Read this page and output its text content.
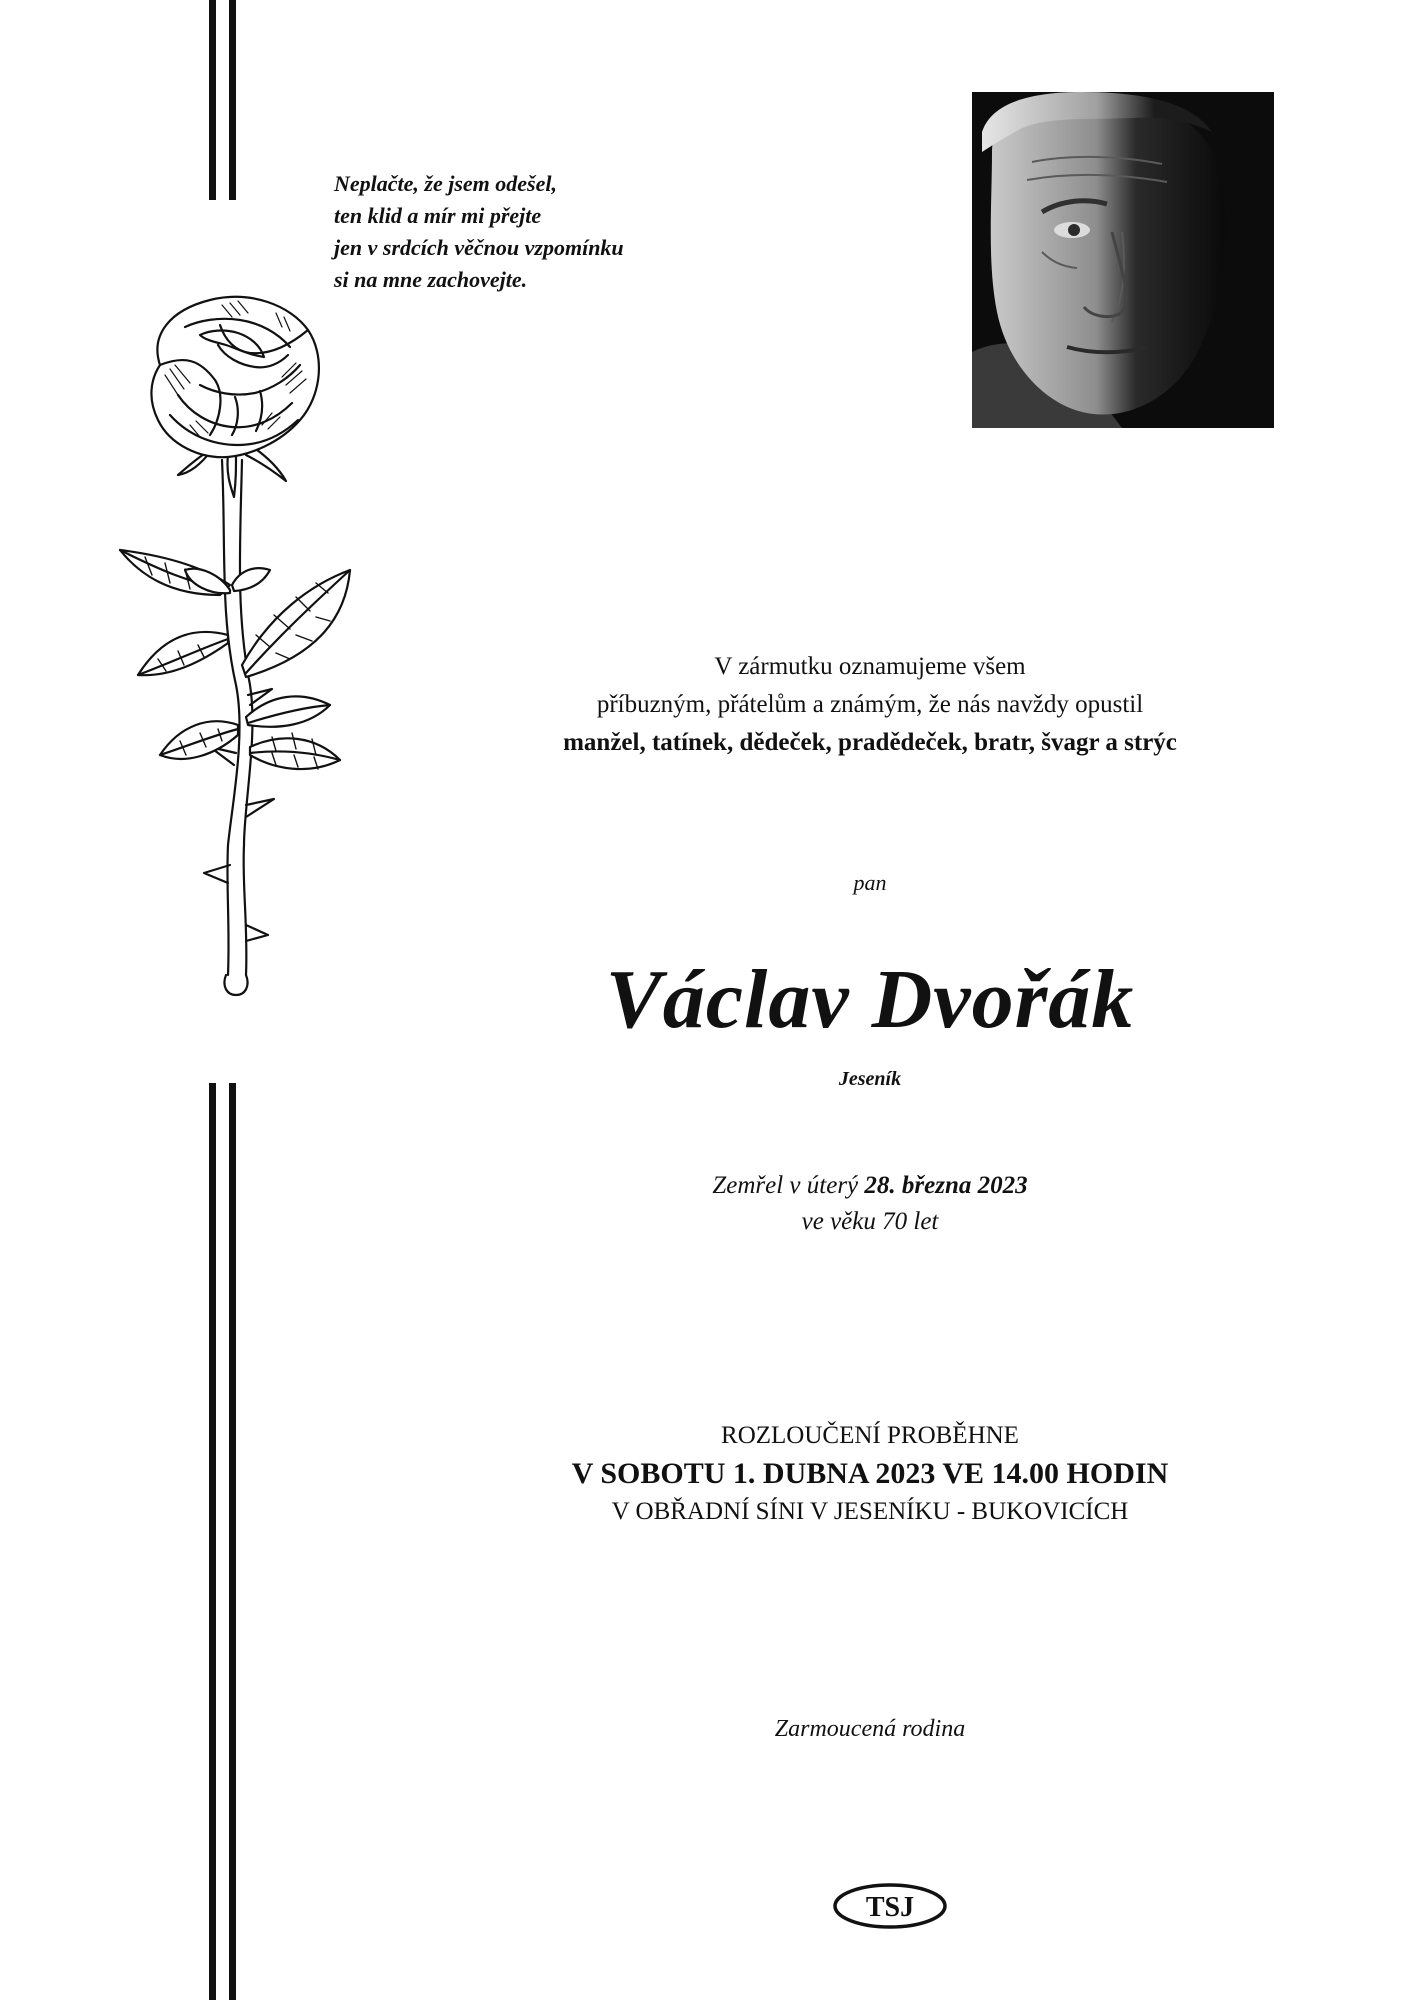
Neplačte, že jsem odešel,
ten klid a mír mi přejte
jen v srdcích věčnou vzpomínku
si na mne zachovejte.
V zármutku oznamujeme všem
příbuzným, přátelům a známým, že nás navždy opustil
manžel, tatínek, dědeček, pradědeček, bratr, švagr a strýc
pan
Václav Dvořák
Jeseník
Zemřel v úterý 28. března 2023
ve věku 70 let
ROZLOUČENÍ PROBĚHNE
V SOBOTU 1. DUBNA 2023 VE 14.00 HODIN
V OBŘADNÍ SÍNI V JESENÍKU - BUKOVICÍCH
Zarmoucená rodina
TSJ
